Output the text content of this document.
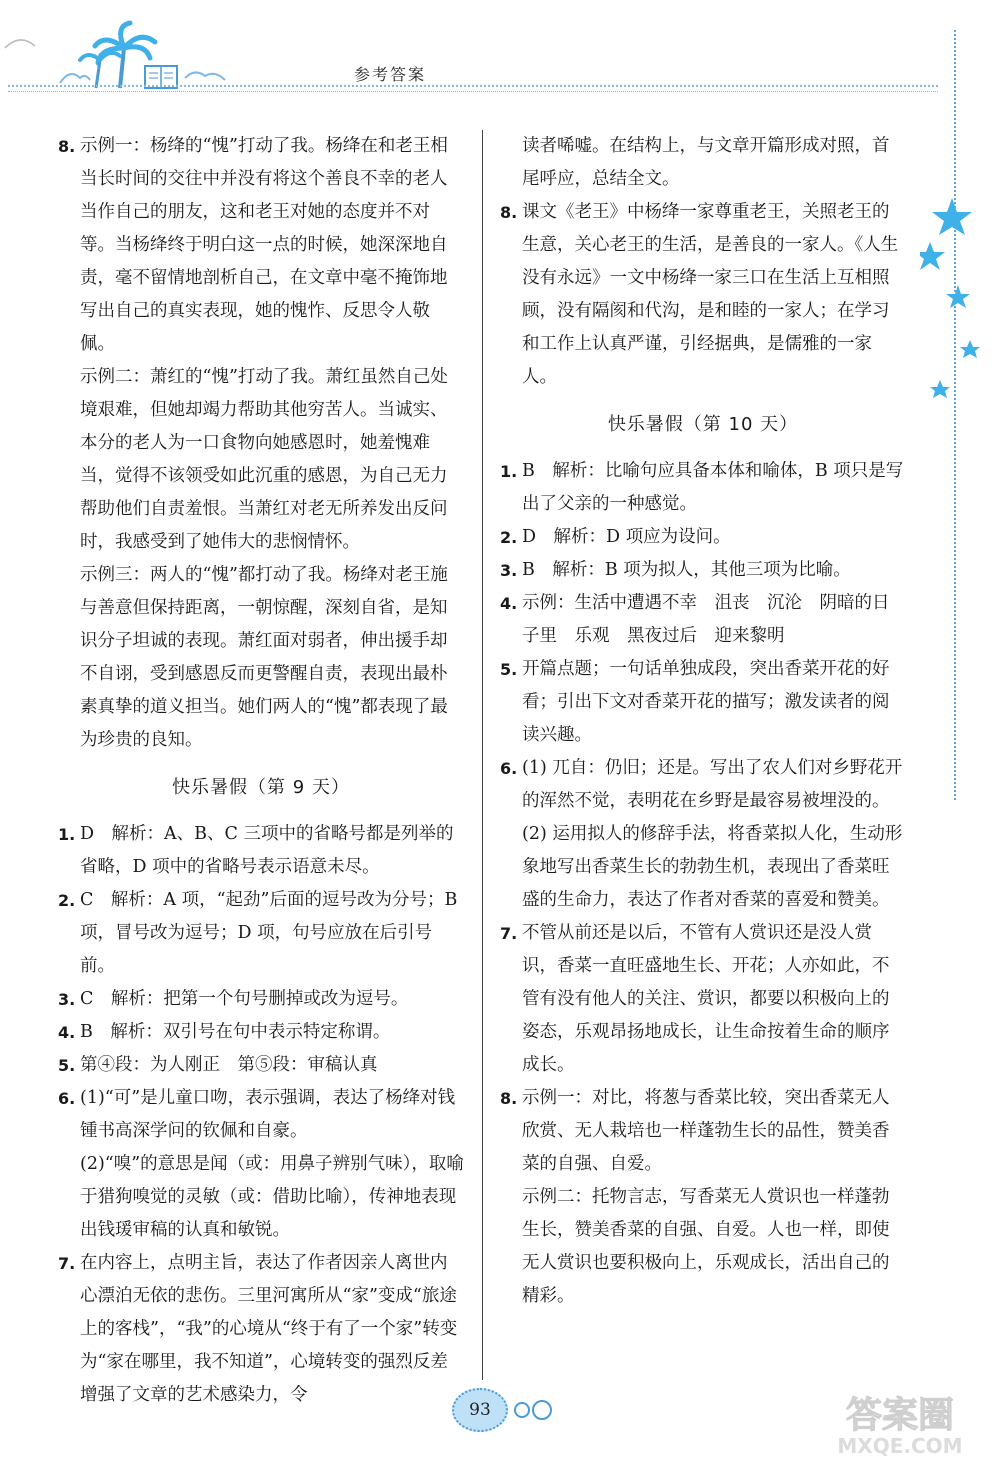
参考答案
8. 示例一：杨绛的“愧”打动了我。杨绛在和老王相当长时间的交往中并没有将这个善良不幸的老人当作自己的朋友，这和老王对她的态度并不对等。当杨绛终于明白这一点的时候，她深深地自责，毫不留情地剖析自己，在文章中毫不掩饰地写出自己的真实表现，她的愧怍、反思令人敬佩。
示例二：萧红的“愧”打动了我。萧红虽然自己处境艰难，但她却竭力帮助其他穷苦人。当诚实、本分的老人为一口食物向她感恩时，她羞愧难当，觉得不该领受如此沉重的感恩，为自己无力帮助他们自责羞恨。当萧红对老无所养发出反问时，我感受到了她伟大的悲悯情怀。
示例三：两人的“愧”都打动了我。杨绛对老王施与善意但保持距离，一朝惊醒，深刻自省，是知识分子坦诚的表现。萧红面对弱者，伸出援手却不自诩，受到感恩反而更警醒自责，表现出最朴素真挚的道义担当。她们两人的“愧”都表现了最为珍贵的良知。
快乐暑假（第 9 天）
1. D　解析：A、B、C 三项中的省略号都是列举的省略，D 项中的省略号表示语意未尽。
2. C　解析：A 项，“起劲”后面的逗号改为分号；B 项，冒号改为逗号；D 项，句号应放在后引号前。
3. C　解析：把第一个句号删掉或改为逗号。
4. B　解析：双引号在句中表示特定称谓。
5. 第④段：为人刚正　第⑤段：审稿认真
6. (1)“可”是儿童口吻，表示强调，表达了杨绛对钱锺书高深学问的钦佩和自豪。
(2)“嗅”的意思是闻（或：用鼻子辨别气味），取喻于猎狗嗅觉的灵敏（或：借助比喻），传神地表现出钱瑗审稿的认真和敏锐。
7. 在内容上，点明主旨，表达了作者因亲人离世内心漂泊无依的悲伤。三里河寓所从“家”变成“旅途上的客栈”，“我”的心境从“终于有了一个家”转变为“家在哪里，我不知道”，心境转变的强烈反差增强了文章的艺术感染力，令
读者唏嘘。在结构上，与文章开篇形成对照，首尾呼应，总结全文。
8. 课文《老王》中杨绛一家尊重老王，关照老王的生意，关心老王的生活，是善良的一家人。《人生没有永远》一文中杨绛一家三口在生活上互相照顾，没有隔阂和代沟，是和睦的一家人；在学习和工作上认真严谨，引经据典，是儒雅的一家人。
快乐暑假（第 10 天）
1. B　解析：比喻句应具备本体和喻体，B 项只是写出了父亲的一种感觉。
2. D　解析：D 项应为设问。
3. B　解析：B 项为拟人，其他三项为比喻。
4. 示例：生活中遭遇不幸　沮丧　沉沦　阴暗的日子里　乐观　黑夜过后　迎来黎明
5. 开篇点题；一句话单独成段，突出香菜开花的好看；引出下文对香菜开花的描写；激发读者的阅读兴趣。
6. (1) 兀自：仍旧；还是。写出了农人们对乡野花开的浑然不觉，表明花在乡野是最容易被埋没的。
(2) 运用拟人的修辞手法，将香菜拟人化，生动形象地写出香菜生长的勃勃生机，表现出了香菜旺盛的生命力，表达了作者对香菜的喜爱和赞美。
7. 不管从前还是以后，不管有人赏识还是没人赏识，香菜一直旺盛地生长、开花；人亦如此，不管有没有他人的关注、赏识，都要以积极向上的姿态，乐观昂扬地成长，让生命按着生命的顺序成长。
8. 示例一：对比，将葱与香菜比较，突出香菜无人欣赏、无人栽培也一样蓬勃生长的品性，赞美香菜的自强、自爱。
示例二：托物言志，写香菜无人赏识也一样蓬勃生长，赞美香菜的自强、自爱。人也一样，即使无人赏识也要积极向上，乐观成长，活出自己的精彩。
93	答案圈
MXQE.COM
